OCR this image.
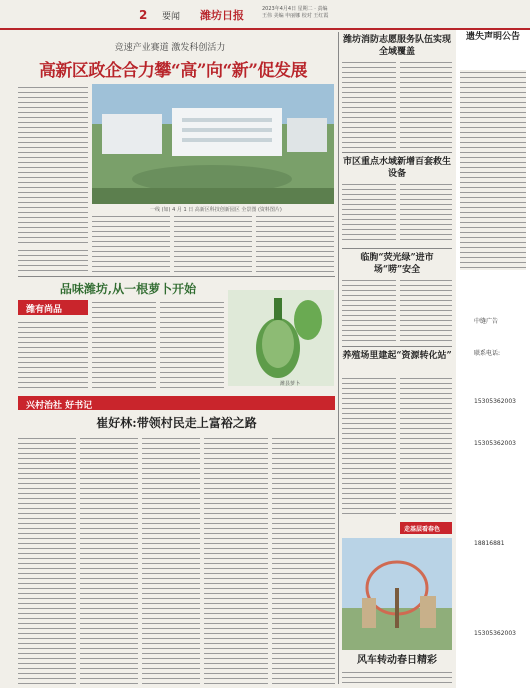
2 要闻 潍坊日报	2023年4月4日 星期二 · 责编 王伟 美编 申丽娜 校对 王红霞
竞速产业赛道 激发科创活力
高新区政企合力攀“高”向“新”促发展
一线 (如) 4 月 1 日 高新区科技创新园区 全景图 (资料图片)
品味潍坊,从一根萝卜开始
潍有尚品
潍县萝卜
兴村治社 好书记
崔好林:带领村民走上富裕之路
潍坊消防志愿服务队伍实现全域覆盖
市区重点水域新增百套救生设备
临朐“荧光绿”进市场“唠”安全
养殖场里建起“资源转化站”
走基层看春色
风车转动春日精彩
遗失声明公告
中缝广告
联系电话:
15305362003
15305362003
18816881
15305362003
